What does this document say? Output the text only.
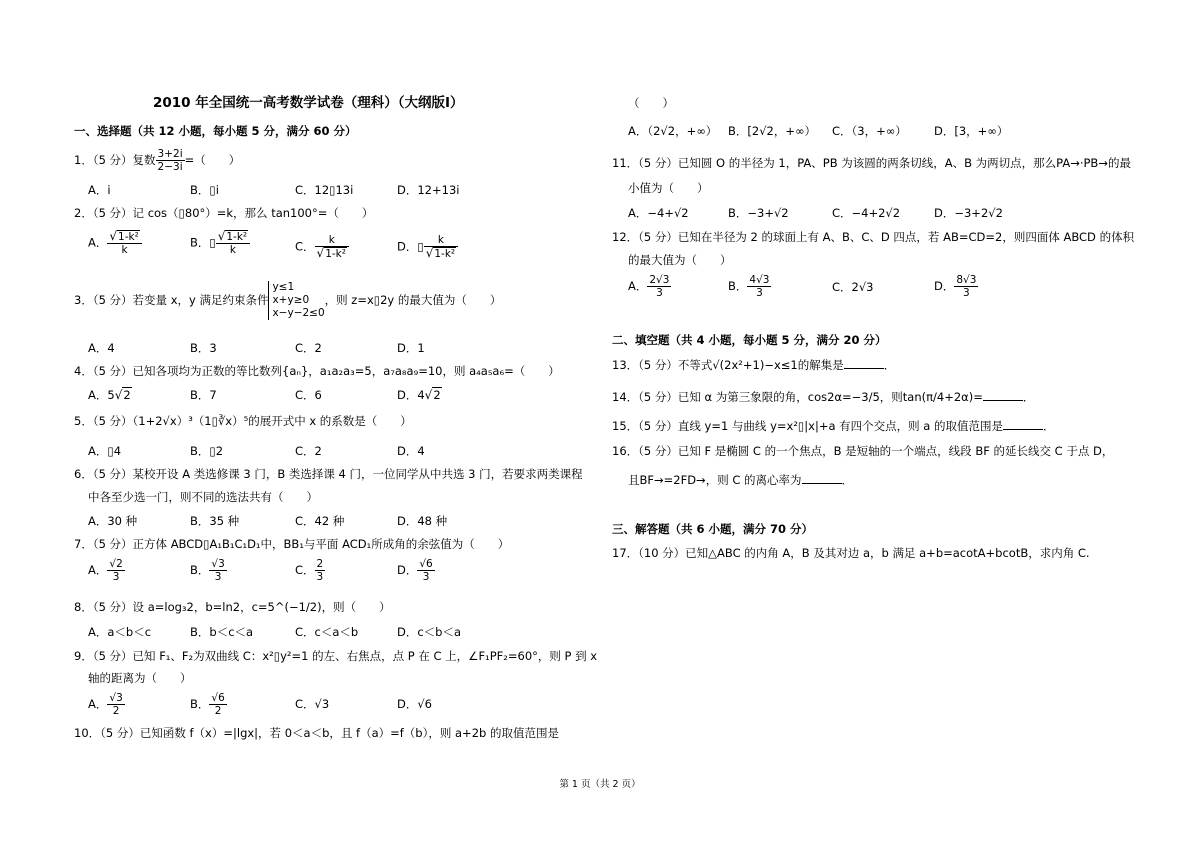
2010 年全国统一高考数学试卷（理科）（大纲版Ⅰ）
一、选择题（共 12 小题，每小题 5 分，满分 60 分）
1．（5 分）复数 $\frac{3+2i}{2-3i}$ =（　　）
A．i	B．▯i	C．12▯13i	D．12+13i
2．（5 分）记 cos（▯80°）=k，那么 tan100°=（　　）
A． $\frac{\text{√1-k²}}{k}$	B．▯ $\frac{\text{√1-k²}}{k}$	C． $\frac{k}{\text{√1-k²}}$	D．▯ $\frac{k}{\text{√1-k²}}$
3．（5 分）若变量 x，y 满足约束条件
y≤1
x+y≥0
x−y−2≤0
，则 z=x▯2y 的最大值为（　　）
A．4	B．3	C．2	D．1
4．（5 分）已知各项均为正数的等比数列{aₙ}，a₁a₂a₃=5，a₇a₈a₉=10，则 a₄a₅a₆=（　　）
A．5√2	B．7	C．6	D．4√2
5．（5 分）（1+2√x）³（1▯∛x）⁵的展开式中 x 的系数是（　　）
A．▯4	B．▯2	C．2	D．4
6．（5 分）某校开设 A 类选修课 3 门，B 类选择课 4 门，一位同学从中共选 3 门，若要求两类课程
中各至少选一门，则不同的选法共有（　　）
A．30 种	B．35 种	C．42 种	D．48 种
7．（5 分）正方体 ABCD▯A₁B₁C₁D₁中，BB₁与平面 ACD₁所成角的余弦值为（　　）
A． $\frac{√2}{3}$	B． $\frac{√3}{3}$	C． $\frac{2}{3}$	D． $\frac{√6}{3}$
8．（5 分）设 a=log₃2，b=ln2，c=5^(−1/2)，则（　　）
A．a＜b＜c	B．b＜c＜a	C．c＜a＜b	D．c＜b＜a
9．（5 分）已知 F₁、F₂为双曲线 C：x²▯y²=1 的左、右焦点，点 P 在 C 上，∠F₁PF₂=60°，则 P 到 x
轴的距离为（　　）
A． $\frac{√3}{2}$	B． $\frac{√6}{2}$	C．√3	D．√6
10．（5 分）已知函数 f（x）=|lgx|，若 0＜a＜b，且 f（a）=f（b），则 a+2b 的取值范围是
（　　）
A．（2√2，+∞） B．[2√2，+∞） C．（3，+∞） D．[3，+∞）
11．（5 分）已知圆 O 的半径为 1，PA、PB 为该圆的两条切线，A、B 为两切点，那么PA→·PB→的最
小值为（　　）
A．−4+√2	B．−3+√2	C．−4+2√2	D．−3+2√2
12．（5 分）已知在半径为 2 的球面上有 A、B、C、D 四点，若 AB=CD=2，则四面体 ABCD 的体积
的最大值为（　　）
A． $\frac{2√3}{3}$	B． $\frac{4√3}{3}$	C．2√3	D． $\frac{8√3}{3}$
二、填空题（共 4 小题，每小题 5 分，满分 20 分）
13．（5 分）不等式√(2x²+1)−x≤1的解集是	．
14．（5 分）已知 α 为第三象限的角，cos2α=−3/5，则tan(π/4+2α)=	．
15．（5 分）直线 y=1 与曲线 y=x²▯|x|+a 有四个交点，则 a 的取值范围是	．
16．（5 分）已知 F 是椭圆 C 的一个焦点，B 是短轴的一个端点，线段 BF 的延长线交 C 于点 D，
且BF→=2FD→，则 C 的离心率为	．
三、解答题（共 6 小题，满分 70 分）
17．（10 分）已知△ABC 的内角 A，B 及其对边 a，b 满足 a+b=acotA+bcotB，求内角 C.
第 1 页（共 2 页）
